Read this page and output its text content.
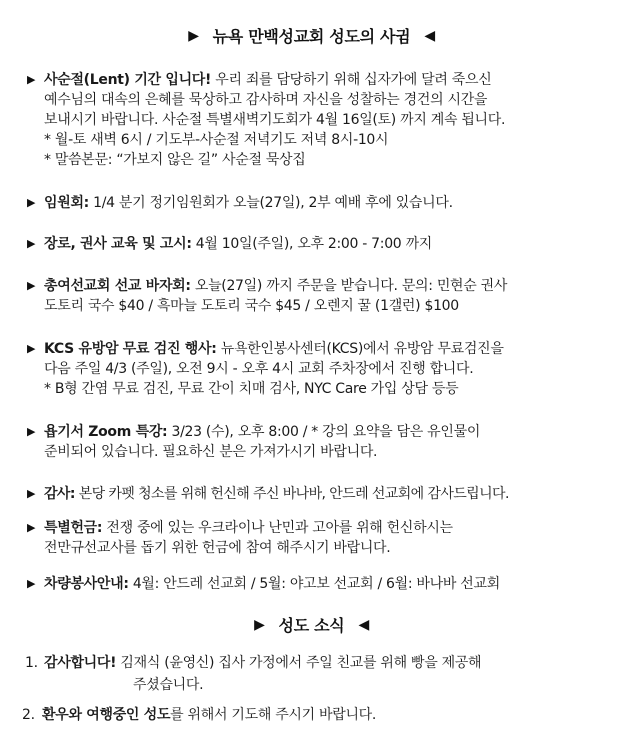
▶ 뉴욕 만백성교회 성도의 사귐 ◀
▶ 사순절(Lent) 기간 입니다! 우리 죄를 담당하기 위해 십자가에 달려 죽으신
예수님의 대속의 은혜를 묵상하고 감사하며 자신을 성찰하는 경건의 시간을
보내시기 바랍니다. 사순절 특별새벽기도회가 4월 16일(토) 까지 계속 됩니다.
* 월-토 새벽 6시 / 기도부-사순절 저녁기도 저녁 8시-10시
* 말씀본문: “가보지 않은 길” 사순절 묵상집
▶ 임원회: 1/4 분기 정기임원회가 오늘(27일), 2부 예배 후에 있습니다.
▶ 장로, 권사 교육 및 고시: 4월 10일(주일), 오후 2:00 - 7:00 까지
▶ 총여선교회 선교 바자회: 오늘(27일) 까지 주문을 받습니다. 문의: 민현순 권사
도토리 국수 $40 / 흑마늘 도토리 국수 $45 / 오렌지 꿀 (1갤런) $100
▶ KCS 유방암 무료 검진 행사: 뉴욕한인봉사센터(KCS)에서 유방암 무료검진을
다음 주일 4/3 (주일), 오전 9시 - 오후 4시 교회 주차장에서 진행 합니다.
* B형 간염 무료 검진, 무료 간이 치매 검사, NYC Care 가입 상담 등등
▶ 욥기서 Zoom 특강: 3/23 (수), 오후 8:00 / * 강의 요약을 담은 유인물이
준비되어 있습니다. 필요하신 분은 가져가시기 바랍니다.
▶ 감사: 본당 카펫 청소를 위해 헌신해 주신 바나바, 안드레 선교회에 감사드립니다.
▶ 특별헌금: 전쟁 중에 있는 우크라이나 난민과 고아를 위해 헌신하시는
전만규선교사를 돕기 위한 헌금에 참여 해주시기 바랍니다.
▶ 차량봉사안내: 4월: 안드레 선교회 / 5월: 야고보 선교회 / 6월: 바나바 선교회
▶ 성도 소식 ◀
1. 감사합니다! 김재식 (윤영신) 집사 가정에서 주일 친교를 위해 빵을 제공해
주셨습니다.
2. 환우와 여행중인 성도를 위해서 기도해 주시기 바랍니다.
